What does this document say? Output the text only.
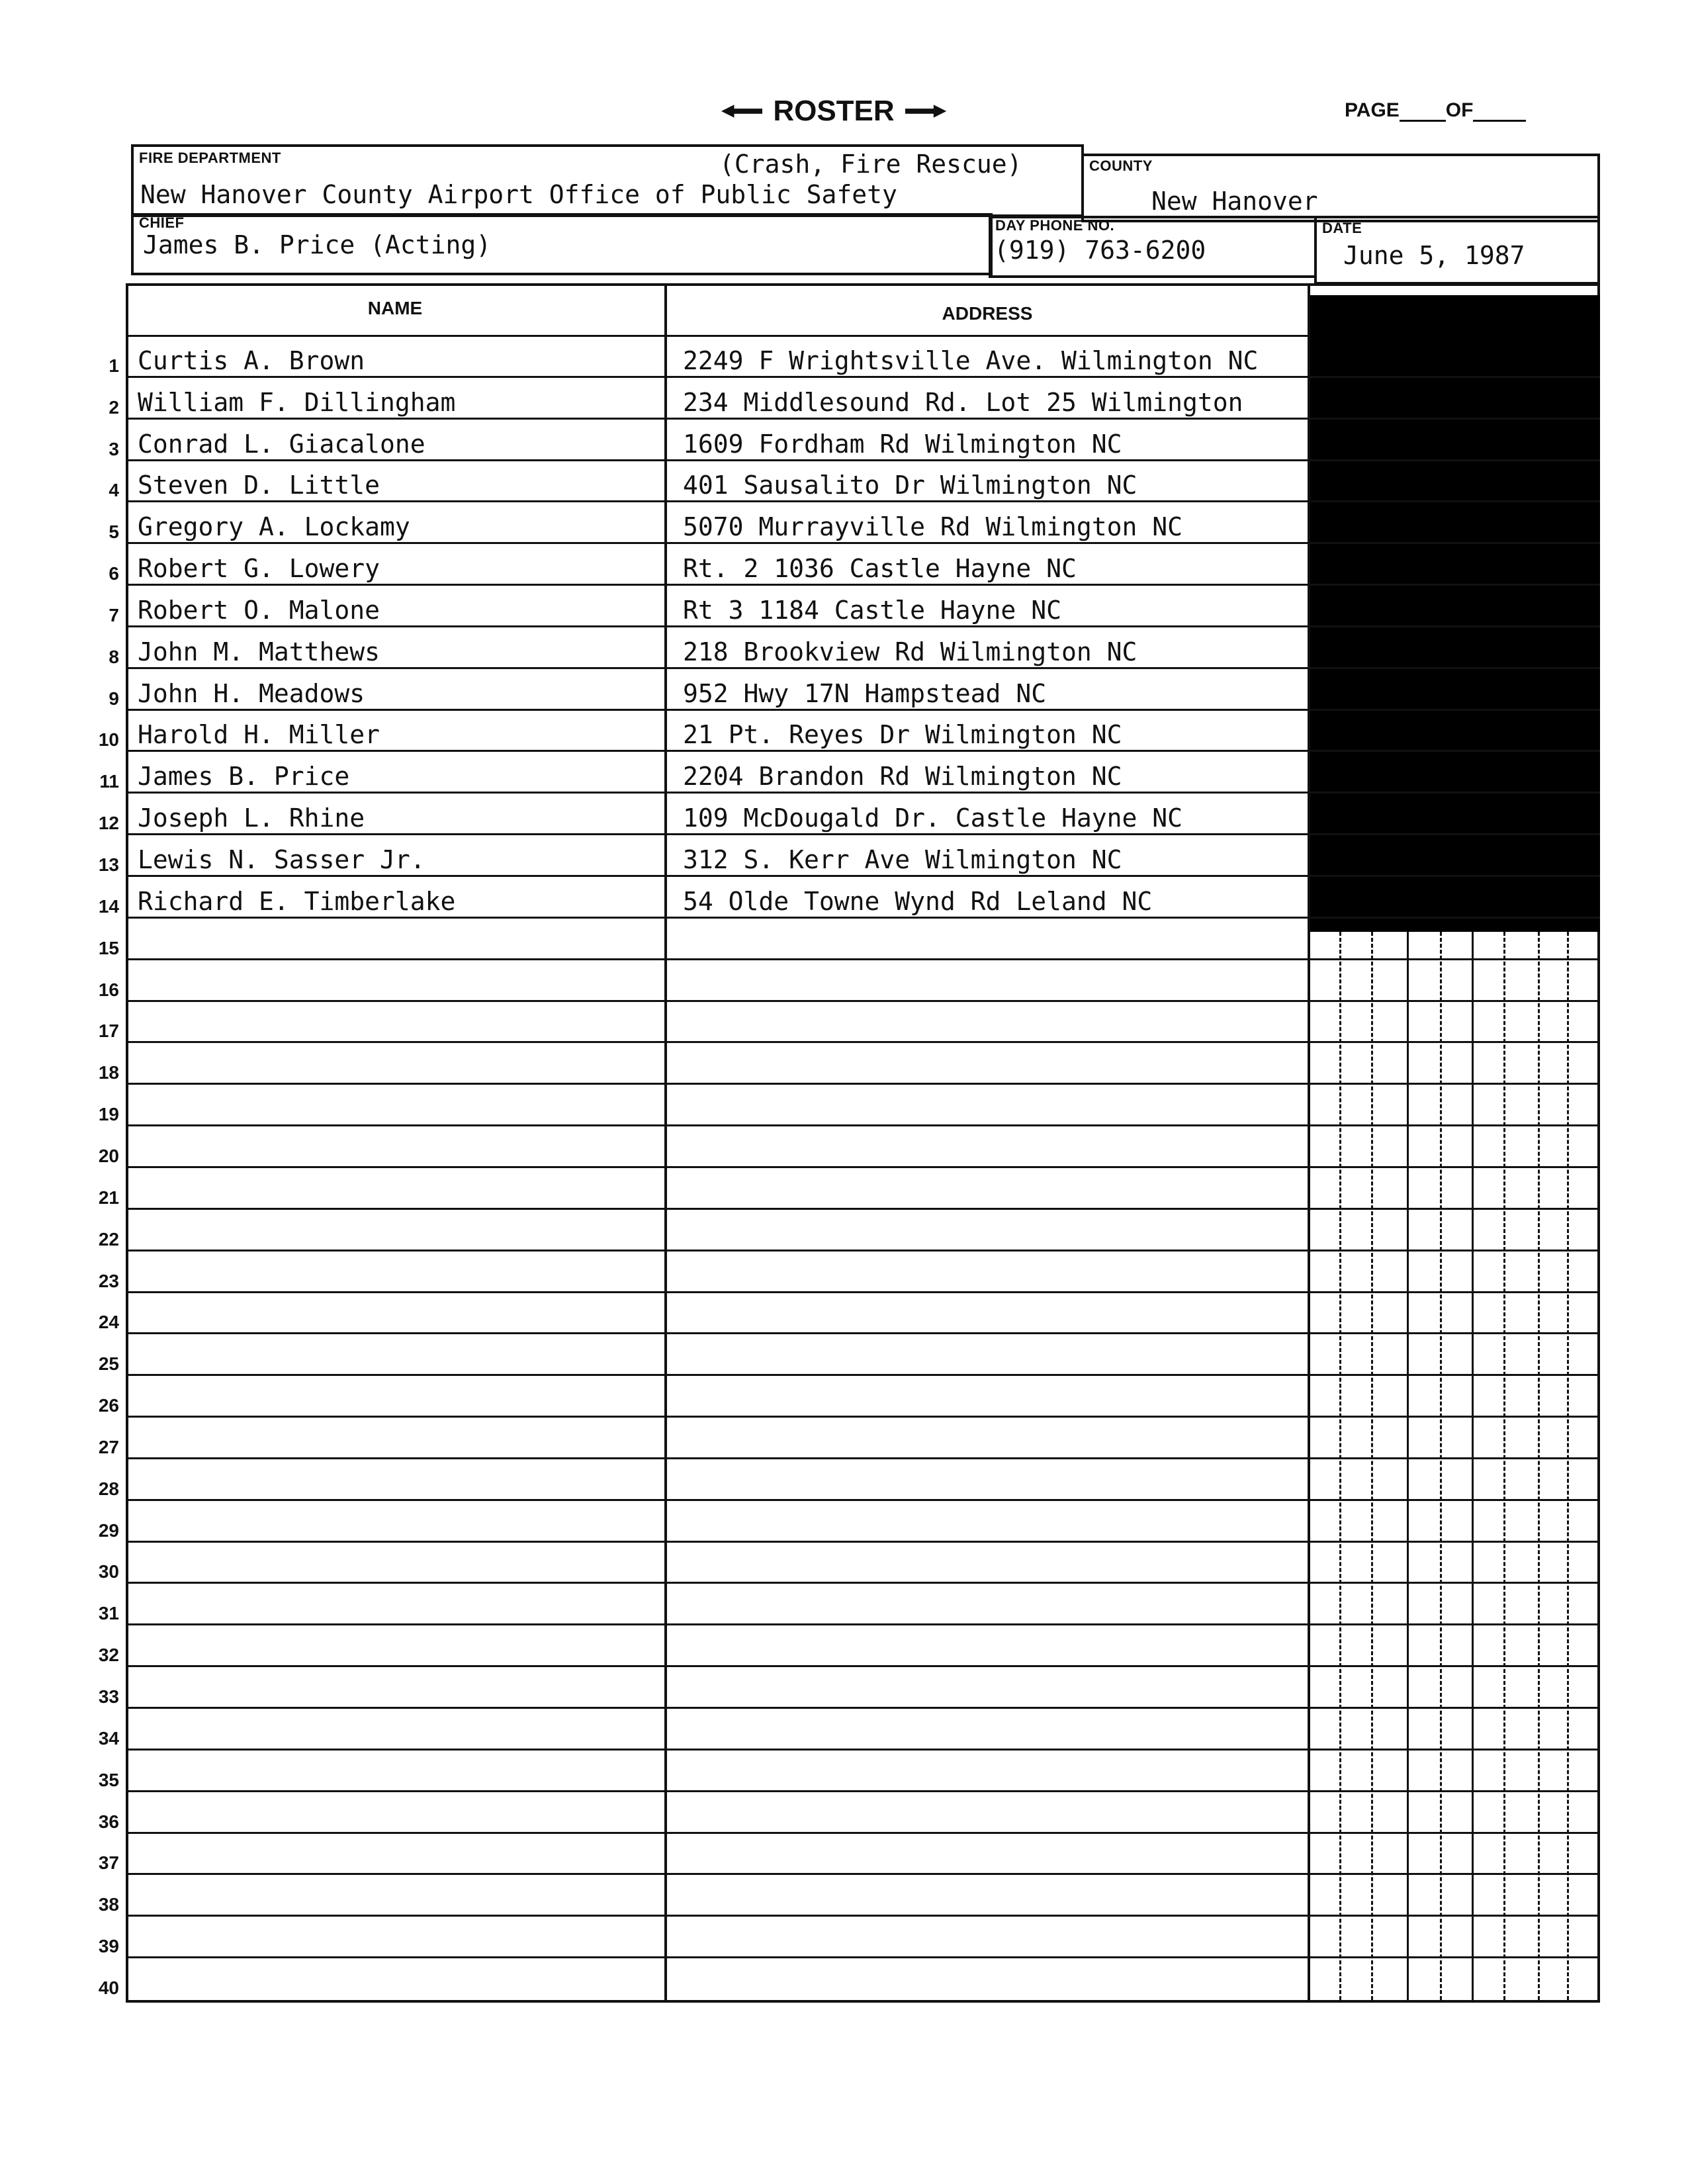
ROSTER	PAGE OF
FIRE DEPARTMENT	(Crash, Fire Rescue)
New Hanover County Airport Office of Public Safety
COUNTY
New Hanover
CHIEF
James B. Price (Acting)
DAY PHONE NO.
(919) 763-6200
DATE
June 5, 1987
NAME	ADDRESS
1 Curtis A. Brown	2249 F Wrightsville Ave. Wilmington NC
2 William F. Dillingham	234 Middlesound Rd. Lot 25 Wilmington
3 Conrad L. Giacalone	1609 Fordham Rd Wilmington NC
4 Steven D. Little	401 Sausalito Dr Wilmington NC
5 Gregory A. Lockamy	5070 Murrayville Rd Wilmington NC
6 Robert G. Lowery	Rt. 2 1036 Castle Hayne NC
7 Robert O. Malone	Rt 3 1184 Castle Hayne NC
8 John M. Matthews	218 Brookview Rd Wilmington NC
9 John H. Meadows	952 Hwy 17N Hampstead NC
10 Harold H. Miller	21 Pt. Reyes Dr Wilmington NC
11 James B. Price	2204 Brandon Rd Wilmington NC
12 Joseph L. Rhine	109 McDougald Dr. Castle Hayne NC
13 Lewis N. Sasser Jr.	312 S. Kerr Ave Wilmington NC
14 Richard E. Timberlake	54 Olde Towne Wynd Rd Leland NC
15
16
17
18
19
20
21
22
23
24
25
26
27
28
29
30
31
32
33
34
35
36
37
38
39
40
